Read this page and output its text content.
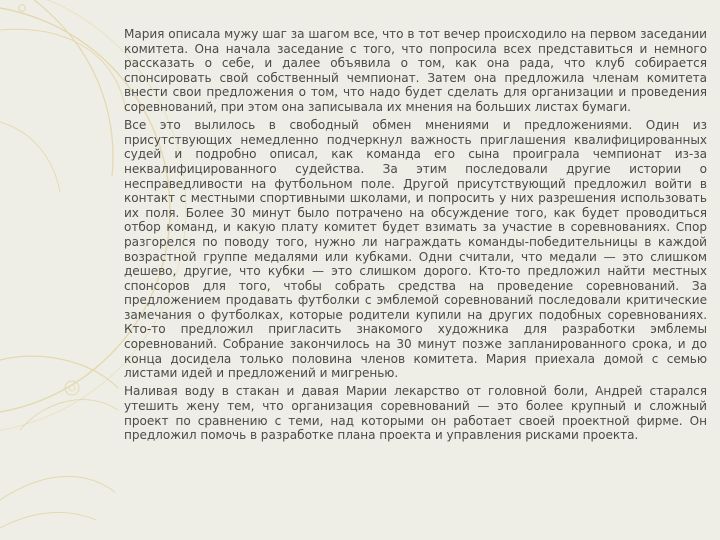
Мария описала мужу шаг за шагом все, что в тот вечер происходило на первом заседании комитета. Она начала заседание с того, что попросила всех представиться и немного рассказать о себе, и далее объявила о том, как она рада, что клуб собирается спонсировать свой собственный чемпионат. Затем она предложила членам комитета внести свои предложения о том, что надо будет сделать для организации и проведения соревнований, при этом она записывала их мнения на больших листах бумаги.

Все это вылилось в свободный обмен мнениями и предложениями. Один из присутствующих немедленно подчеркнул важность приглашения квалифицированных судей и подробно описал, как команда его сына проиграла чемпионат из-за неквалифицированного судейства. За этим последовали другие истории о несправедливости на футбольном поле. Другой присутствующий предложил войти в контакт с местными спортивными школами, и попросить у них разрешения использовать их поля. Более 30 минут было потрачено на обсуждение того, как будет проводиться отбор команд, и какую плату комитет будет взимать за участие в соревнованиях. Спор разгорелся по поводу того, нужно ли награждать команды-победительницы в каждой возрастной группе медалями или кубками. Одни считали, что медали — это слишком дешево, другие, что кубки — это слишком дорого. Кто-то предложил найти местных спонсоров для того, чтобы собрать средства на проведение соревнований. За предложением продавать футболки с эмблемой соревнований последовали критические замечания о футболках, которые родители купили на других подобных соревнованиях. Кто-то предложил пригласить знакомого художника для разработки эмблемы соревнований. Собрание закончилось на 30 минут позже запланированного срока, и до конца досидела только половина членов комитета. Мария приехала домой с семью листами идей и предложений и мигренью.

Наливая воду в стакан и давая Марии лекарство от головной боли, Андрей старался утешить жену тем, что организация соревнований — это более крупный и сложный проект по сравнению с теми, над которыми он работает своей проектной фирме. Он предложил помочь в разработке плана проекта и управления рисками проекта.
